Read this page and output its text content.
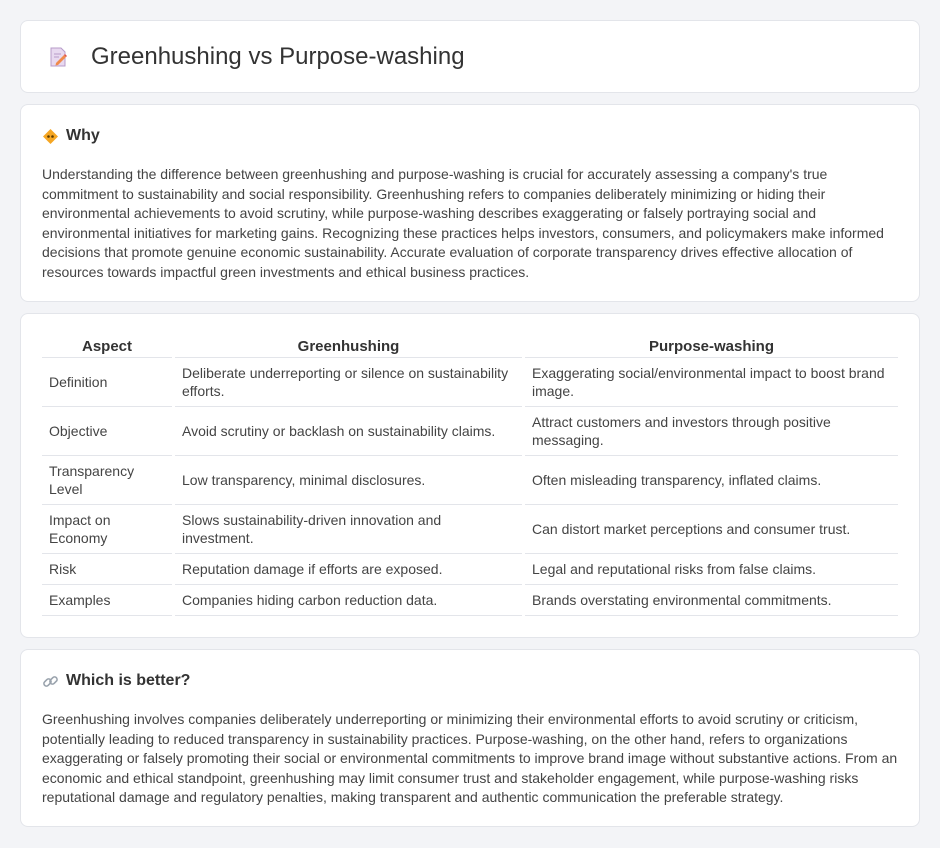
Greenhushing vs Purpose-washing
Why

Understanding the difference between greenhushing and purpose-washing is crucial for accurately assessing a company's true commitment to sustainability and social responsibility. Greenhushing refers to companies deliberately minimizing or hiding their environmental achievements to avoid scrutiny, while purpose-washing describes exaggerating or falsely portraying social and environmental initiatives for marketing gains. Recognizing these practices helps investors, consumers, and policymakers make informed decisions that promote genuine economic sustainability. Accurate evaluation of corporate transparency drives effective allocation of resources towards impactful green investments and ethical business practices.

Aspect	Greenhushing	Purpose-washing
Definition	Deliberate underreporting or silence on sustainability efforts.	Exaggerating social/environmental impact to boost brand image.
Objective	Avoid scrutiny or backlash on sustainability claims.	Attract customers and investors through positive messaging.
Transparency Level	Low transparency, minimal disclosures.	Often misleading transparency, inflated claims.
Impact on Economy	Slows sustainability-driven innovation and investment.	Can distort market perceptions and consumer trust.
Risk	Reputation damage if efforts are exposed.	Legal and reputational risks from false claims.
Examples	Companies hiding carbon reduction data.	Brands overstating environmental commitments.
Which is better?

Greenhushing involves companies deliberately underreporting or minimizing their environmental efforts to avoid scrutiny or criticism, potentially leading to reduced transparency in sustainability practices. Purpose-washing, on the other hand, refers to organizations exaggerating or falsely promoting their social or environmental commitments to improve brand image without substantive actions. From an economic and ethical standpoint, greenhushing may limit consumer trust and stakeholder engagement, while purpose-washing risks reputational damage and regulatory penalties, making transparent and authentic communication the preferable strategy.
